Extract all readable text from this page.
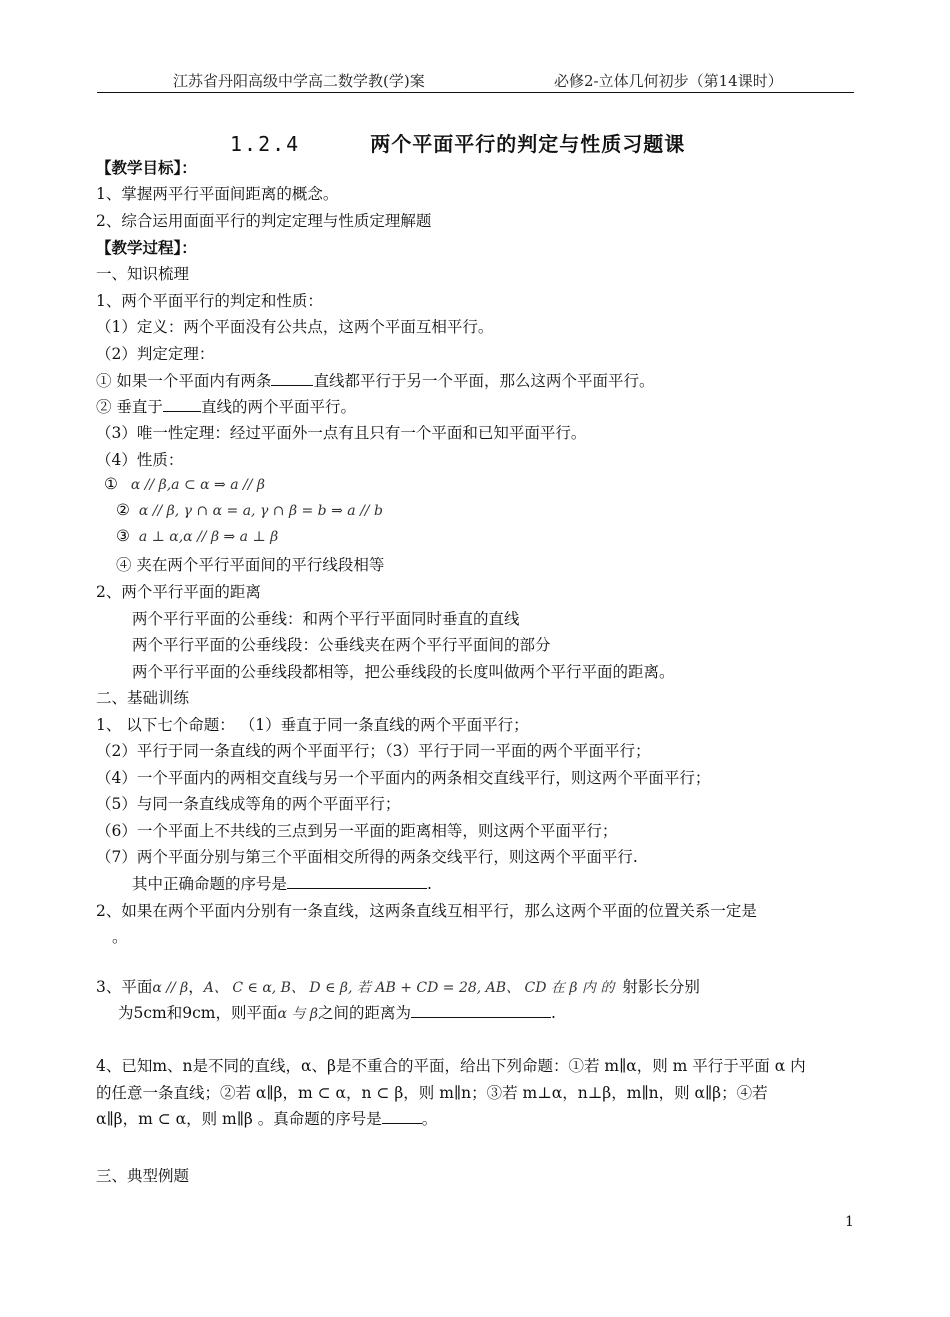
江苏省丹阳高级中学高二数学教(学)案	必修2-立体几何初步（第14课时）
1.2.4	两个平面平行的判定与性质习题课
【教学目标】：
1、掌握两平行平面间距离的概念。
2、综合运用面面平行的判定定理与性质定理解题
【教学过程】：
一、知识梳理
1、两个平面平行的判定和性质：
（1）定义：两个平面没有公共点，这两个平面互相平行。
（2）判定定理：
① 如果一个平面内有两条	直线都平行于另一个平面，那么这两个平面平行。
② 垂直于 直线的两个平面平行。
（3）唯一性定理：经过平面外一点有且只有一个平面和已知平面平行。
（4）性质：
① α // β,a ⊂ α ⇒ a // β
② α // β, γ ∩ α = a, γ ∩ β = b ⇒ a // b
③ a ⊥ α,α // β ⇒ a ⊥ β
④ 夹在两个平行平面间的平行线段相等
2、两个平行平面的距离
两个平行平面的公垂线：和两个平行平面同时垂直的直线
两个平行平面的公垂线段：公垂线夹在两个平行平面间的部分
两个平行平面的公垂线段都相等，把公垂线段的长度叫做两个平行平面的距离。
二、基础训练
1、 以下七个命题： （1）垂直于同一条直线的两个平面平行；
（2）平行于同一条直线的两个平面平行；（3）平行于同一平面的两个平面平行；
（4）一个平面内的两相交直线与另一个平面内的两条相交直线平行，则这两个平面平行；
（5）与同一条直线成等角的两个平面平行；
（6）一个平面上不共线的三点到另一平面的距离相等，则这两个平面平行；
（7）两个平面分别与第三个平面相交所得的两条交线平行，则这两个平面平行.
其中正确命题的序号是	.
2、如果在两个平面内分别有一条直线，这两条直线互相平行，那么这两个平面的位置关系一定是
。
3、平面α // β，A、 C ∈ α, B、 D ∈ β, 若 AB + CD = 28, AB、 CD 在 β 内 的 射影长分别
为5cm和9cm，则平面α 与 β之间的距离为	.
4、已知m、n是不同的直线，α、β是不重合的平面，给出下列命题：①若 m∥α，则 m 平行于平面 α 内
的任意一条直线；②若 α∥β，m ⊂ α，n ⊂ β，则 m∥n；③若 m⊥α，n⊥β，m∥n，则 α∥β；④若
α∥β，m ⊂ α，则 m∥β 。真命题的序号是	。
三、典型例题
1
